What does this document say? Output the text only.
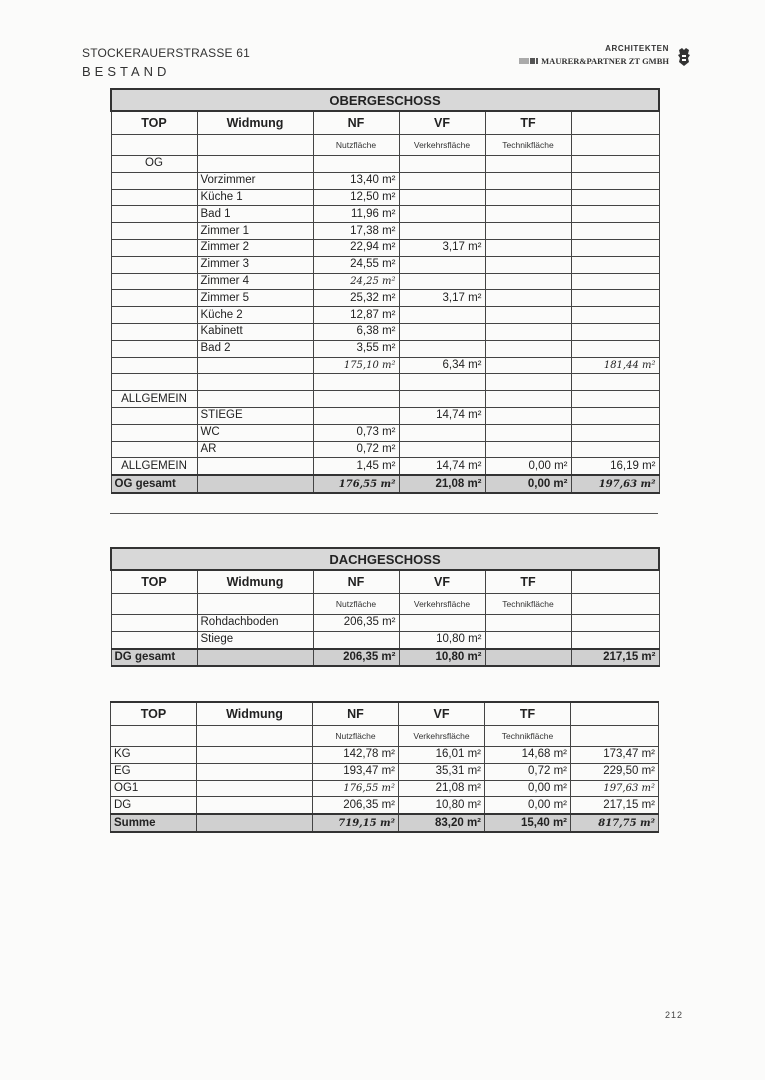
STOCKERAUERSTRASSE 61
BESTAND
ARCHITEKTEN
MAURER&PARTNER ZT GMBH
OBERGESCHOSS					
TOP	Widmung	NF	VF	TF	
		Nutzfläche	Verkehrsfläche	Technikfläche	
OG					
	Vorzimmer	13,40 m²			
	Küche 1	12,50 m²			
	Bad 1	11,96 m²			
	Zimmer 1	17,38 m²			
	Zimmer 2	22,94 m²	3,17 m²		
	Zimmer 3	24,55 m²			
	Zimmer 4	24,25 m²			
	Zimmer 5	25,32 m²	3,17 m²		
	Küche 2	12,87 m²			
	Kabinett	6,38 m²			
	Bad 2	3,55 m²			
		175,10 m²	6,34 m²		181,44 m²

ALLGEMEIN					
	STIEGE		14,74 m²		
	WC	0,73 m²			
	AR	0,72 m²			
ALLGEMEIN		1,45 m²	14,74 m²	0,00 m²	16,19 m²
OG gesamt		176,55 m²	21,08 m²	0,00 m²	197,63 m²
DACHGESCHOSS					
TOP	Widmung	NF	VF	TF	
		Nutzfläche	Verkehrsfläche	Technikfläche	
	Rohdachboden	206,35 m²			
	Stiege		10,80 m²		
DG gesamt		206,35 m²	10,80 m²		217,15 m²
TOP	Widmung	NF	VF	TF	
		Nutzfläche	Verkehrsfläche	Technikfläche	
KG		142,78 m²	16,01 m²	14,68 m²	173,47 m²
EG		193,47 m²	35,31 m²	0,72 m²	229,50 m²
OG1		176,55 m²	21,08 m²	0,00 m²	197,63 m²
DG		206,35 m²	10,80 m²	0,00 m²	217,15 m²
Summe		719,15 m²	83,20 m²	15,40 m²	817,75 m²
212
